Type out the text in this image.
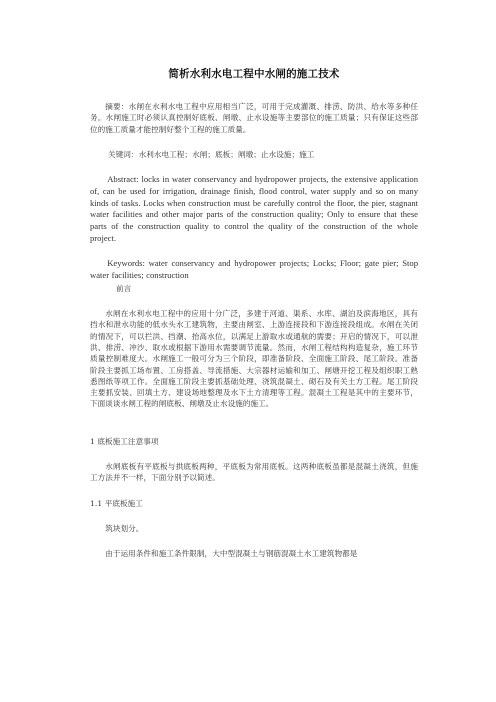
简析水利水电工程中水闸的施工技术

摘要：水闸在水利水电工程中应用相当广泛，可用于完成灌溉、排涝、防洪、给水等多种任务。水闸施工时必须认真控制好底板、闸墩、止水设施等主要部位的施工质量；只有保证这些部位的施工质量才能控制好整个工程的施工质量。

关键词：水利水电工程；水闸；底板；闸墩；止水设施；施工

Abstract: locks in water conservancy and hydropower projects, the extensive application of, can be used for irrigation, drainage finish, flood control, water supply and so on many kinds of tasks. Locks when construction must be carefully control the floor, the pier, stagnant water facilities and other major parts of the construction quality; Only to ensure that these parts of the construction quality to control the quality of the construction of the whole project.

Keywords: water conservancy and hydropower projects; Locks; Floor; gate pier; Stop water facilities; construction

前言

水闸在水利水电工程中的应用十分广泛，多建于河道、渠系、水库、湖泊及滨海地区，具有挡水和泄水功能的低水头水工建筑物，主要由闸室、上游连接段和下游连接段组成。水闸在关闭的情况下，可以拦洪、挡潮、抬高水位，以满足上游取水或通航的需要；开启的情况下，可以泄洪、排涝、冲沙、取水或根据下游用水需要调节流量。然而，水闸工程结构构造复杂，施工环节质量控制难度大。水闸施工一般可分为三个阶段，即准备阶段、全面施工阶段、尾工阶段。准备阶段主要抓工场布置、工房搭盖、导流措施、大宗器材运输和加工、闸塘开挖工程及组织职工熟悉图纸等项工作。全面施工阶段主要抓基础处理、浇筑混凝土、砌石及有关土方工程。尾工阶段主要抓安装、回填土方、建设场地整理及水下土方清理等工程。混凝土工程是其中的主要环节，下面谈谈水闸工程的闸底板、闸墩及止水设施的施工。

1 底板施工注意事项

水闸底板有平底板与拱底板两种，平底板为常用底板。这两种底板虽都是混凝土浇筑，但施工方法并不一样，下面分别予以简述。

1.1 平底板施工

筑块划分。

由于运用条件和施工条件限制，大中型混凝土与钢筋混凝土水工建筑物都是
